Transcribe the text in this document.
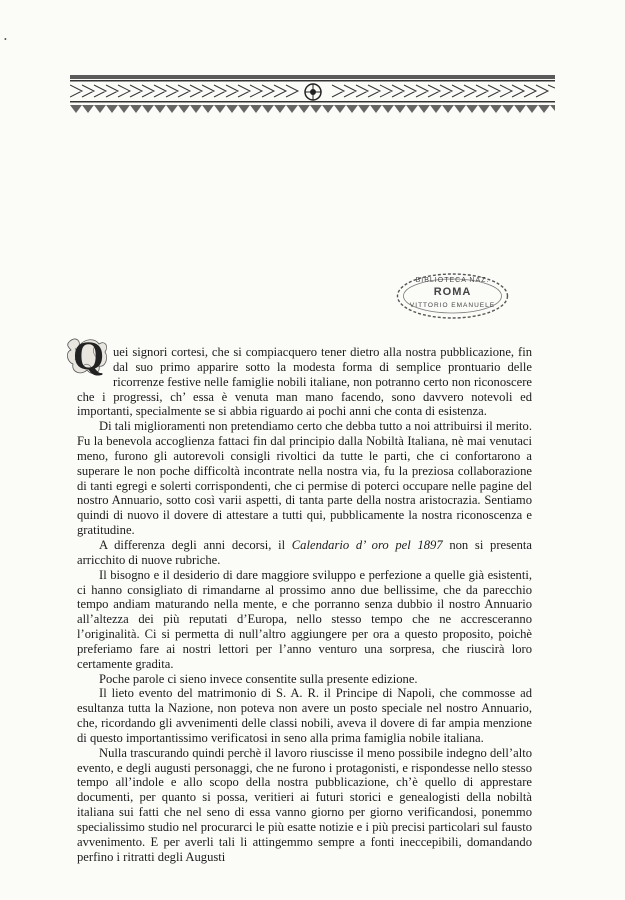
•
BIBLIOTECA NAZ.
ROMA
VITTORIO EMANUELE

Q uei signori cortesi, che si compiacquero tener dietro alla nostra pubblicazione, fin dal suo primo apparire sotto la modesta forma di semplice prontuario delle ricorrenze festive nelle famiglie nobili italiane, non potranno certo non riconoscere che i progressi, ch’ essa è venuta man mano facendo, sono davvero notevoli ed importanti, specialmente se si abbia riguardo ai pochi anni che conta di esistenza.

Di tali miglioramenti non pretendiamo certo che debba tutto a noi attribuirsi il merito. Fu la benevola accoglienza fattaci fin dal principio dalla Nobiltà Italiana, nè mai venutaci meno, furono gli autorevoli consigli rivoltici da tutte le parti, che ci confortarono a superare le non poche difficoltà incontrate nella nostra via, fu la preziosa collaborazione di tanti egregi e solerti corrispondenti, che ci permise di poterci occupare nelle pagine del nostro Annuario, sotto così varii aspetti, di tanta parte della nostra aristocrazia. Sentiamo quindi di nuovo il dovere di attestare a tutti qui, pubblicamente la nostra riconoscenza e gratitudine.

A differenza degli anni decorsi, il Calendario d’ oro pel 1897 non si presenta arricchito di nuove rubriche.

Il bisogno e il desiderio di dare maggiore sviluppo e perfezione a quelle già esistenti, ci hanno consigliato di rimandarne al prossimo anno due bellissime, che da parecchio tempo andiam maturando nella mente, e che porranno senza dubbio il nostro Annuario all’altezza dei più reputati d’Europa, nello stesso tempo che ne accresceranno l’originalità. Ci si permetta di null’altro aggiungere per ora a questo proposito, poichè preferiamo fare ai nostri lettori per l’anno venturo una sorpresa, che riuscirà loro certamente gradita.

Poche parole ci sieno invece consentite sulla presente edizione.

Il lieto evento del matrimonio di S. A. R. il Principe di Napoli, che commosse ad esultanza tutta la Nazione, non poteva non avere un posto speciale nel nostro Annuario, che, ricordando gli avvenimenti delle classi nobili, aveva il dovere di far ampia menzione di questo importantissimo verificatosi in seno alla prima famiglia nobile italiana.

Nulla trascurando quindi perchè il lavoro riuscisse il meno possibile indegno dell’alto evento, e degli augusti personaggi, che ne furono i protagonisti, e rispondesse nello stesso tempo all’indole e allo scopo della nostra pubblicazione, ch’è quello di apprestare documenti, per quanto si possa, veritieri ai futuri storici e genealogisti della nobiltà italiana sui fatti che nel seno di essa vanno giorno per giorno verificandosi, ponemmo specialissimo studio nel procurarci le più esatte notizie e i più precisi particolari sul fausto avvenimento. E per averli tali li attingemmo sempre a fonti ineccepibili, domandando perfino i ritratti degli Augusti
